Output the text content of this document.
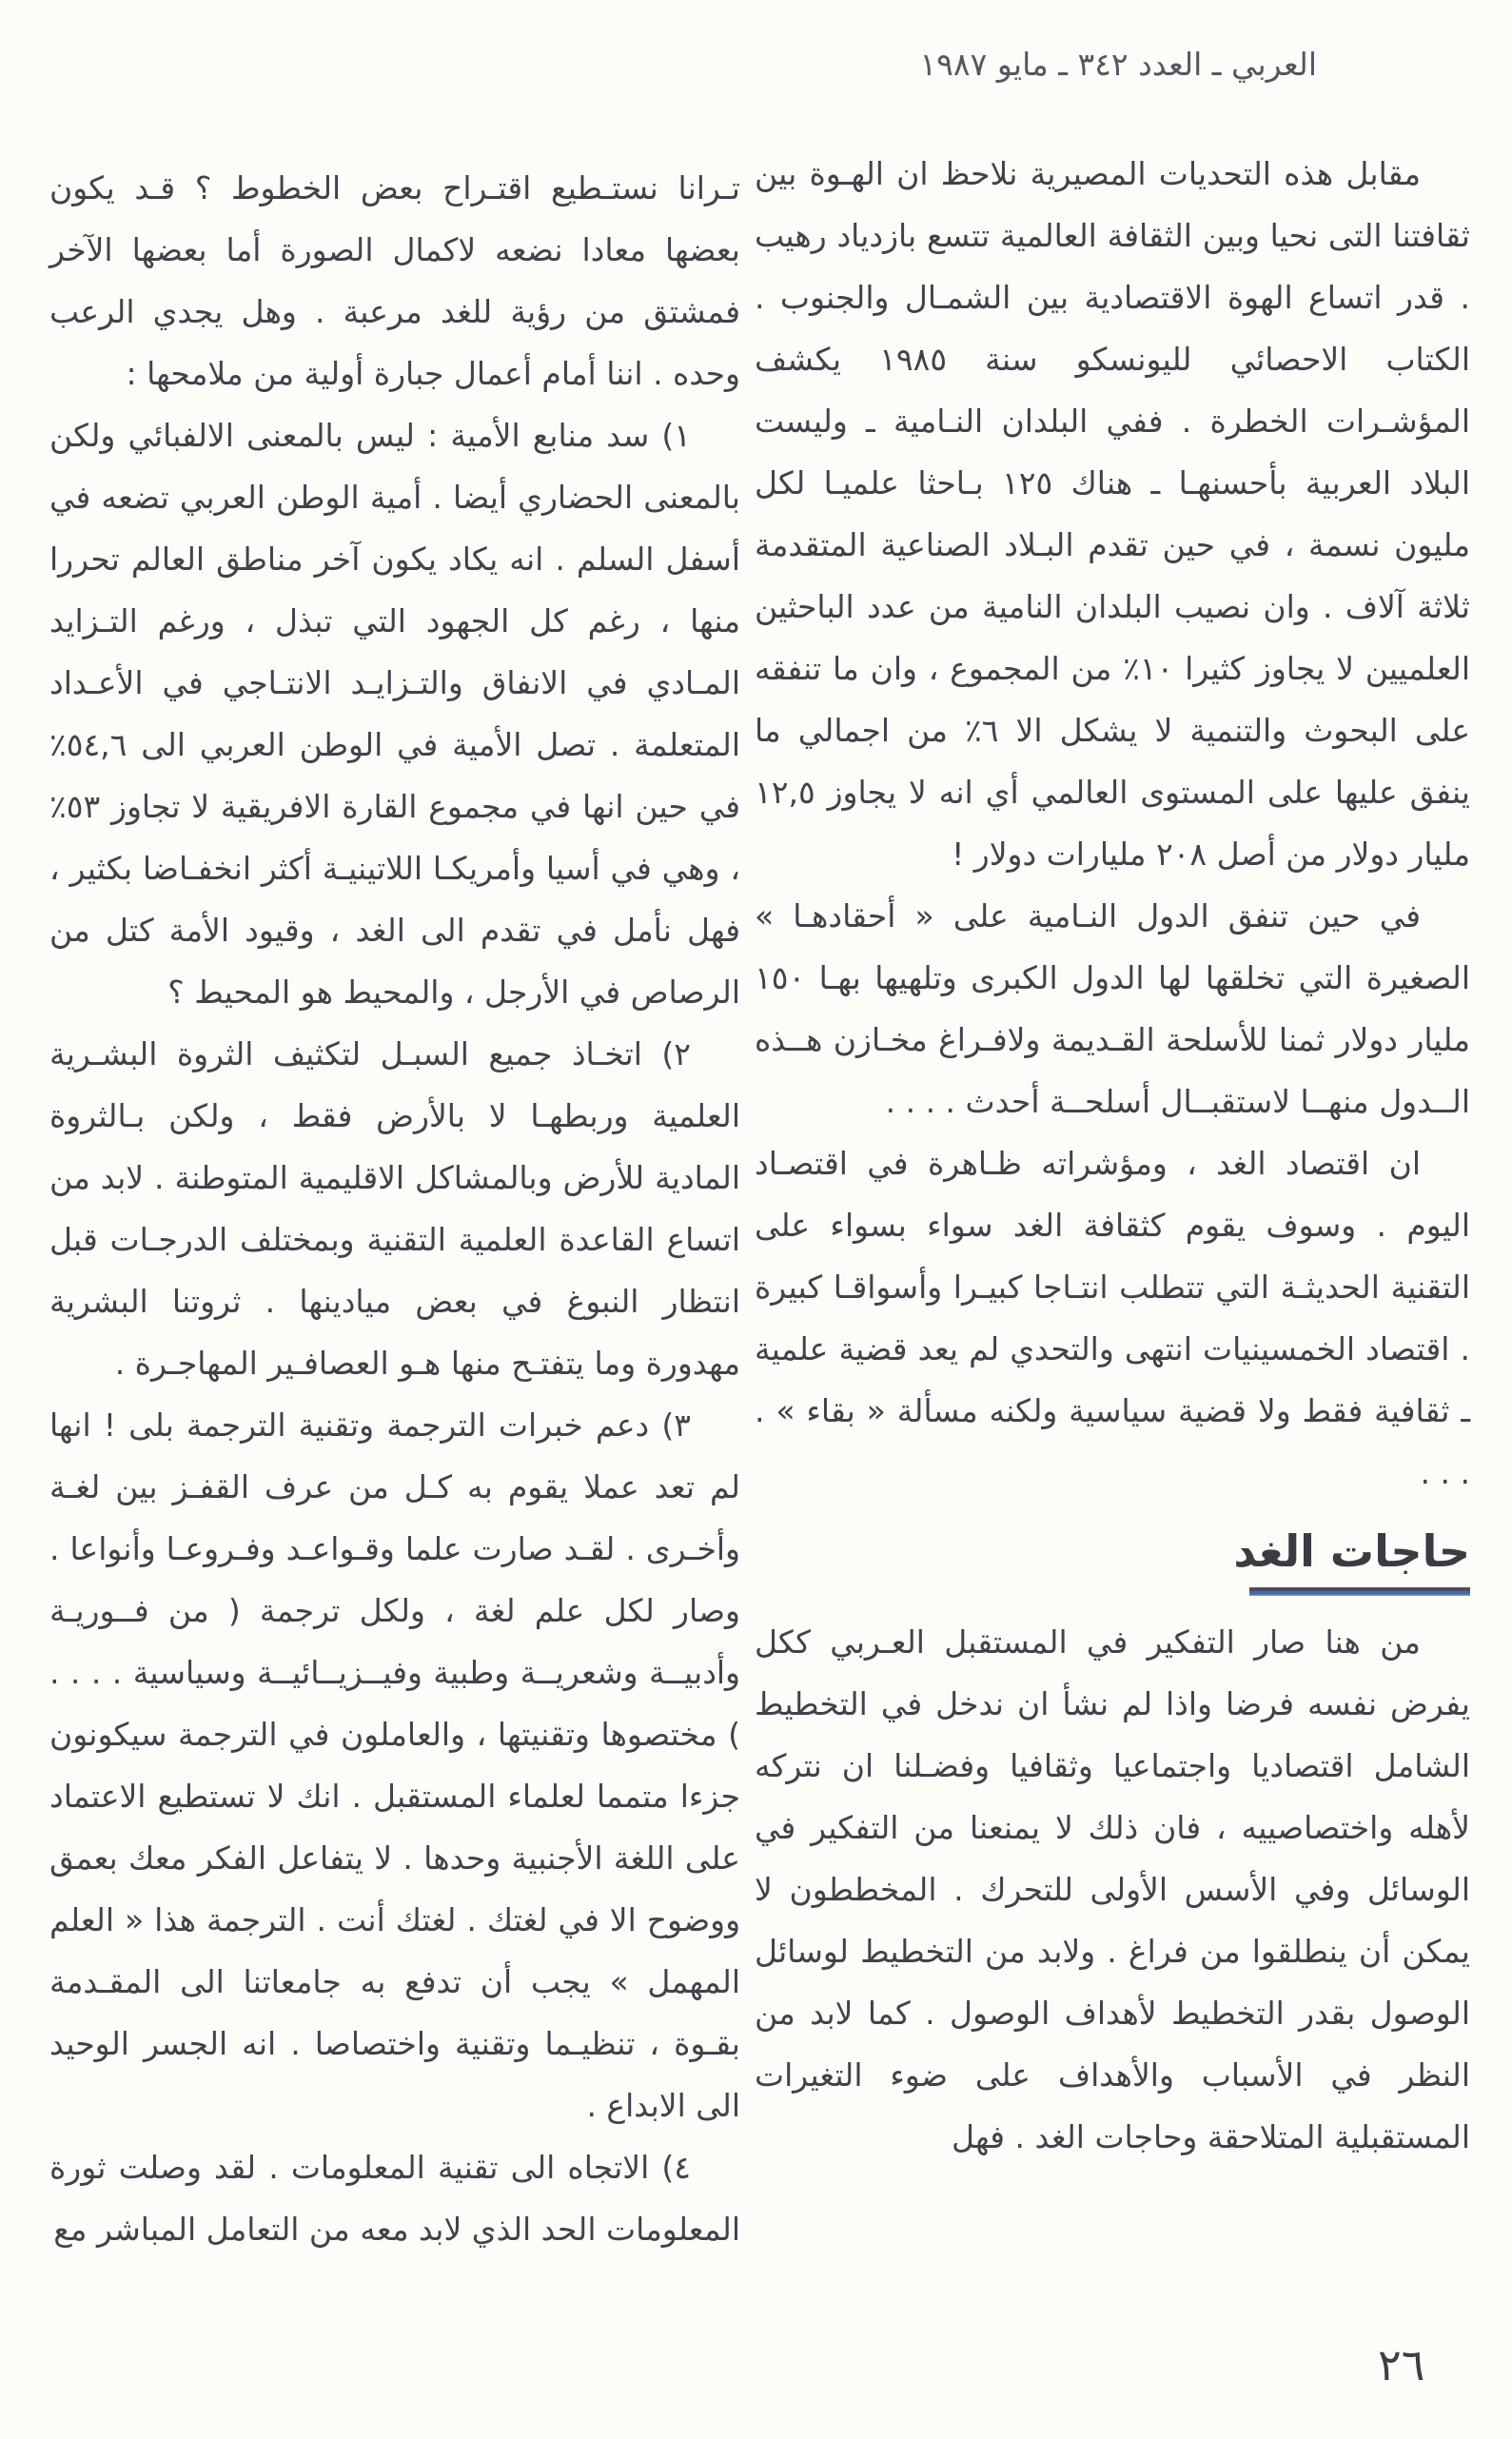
العربي ـ العدد ٣٤٢ ـ مايو ١٩٨٧

مقابل هذه التحديات المصيرية نلاحظ ان الهـوة بين ثقافتنا التى نحيا وبين الثقافة العالمية تتسع بازدياد رهيب . قدر اتساع الهوة الاقتصادية بين الشمـال والجنوب . الكتاب الاحصائي لليونسكو سنة ١٩٨٥ يكشف المؤشـرات الخطرة . ففي البلدان النـامية ـ وليست البلاد العربية بأحسنهـا ـ هناك ١٢٥ بـاحثا علميـا لكل مليون نسمة ، في حين تقدم البـلاد الصناعية المتقدمة ثلاثة آلاف . وان نصيب البلدان النامية من عدد الباحثين العلميين لا يجاوز كثيرا ١٠٪ من المجموع ، وان ما تنفقه على البحوث والتنمية لا يشكل الا ٦٪ من اجمالي ما ينفق عليها على المستوى العالمي أي انه لا يجاوز ١٢,٥ مليار دولار من أصل ٢٠٨ مليارات دولار !

في حين تنفق الدول النـامية على « أحقادهـا » الصغيرة التي تخلقها لها الدول الكبرى وتلهيها بهـا ١٥٠ مليار دولار ثمنا للأسلحة القـديمة ولافـراغ مخـازن هــذه الــدول منهــا لاستقبــال أسلحــة أحدث . . . .

ان اقتصاد الغد ، ومؤشراته ظـاهرة في اقتصـاد اليوم . وسوف يقوم كثقافة الغد سواء بسواء على التقنية الحديثـة التي تتطلب انتـاجا كبيـرا وأسواقـا كبيرة . اقتصاد الخمسينيات انتهى والتحدي لم يعد قضية علمية ـ ثقافية فقط ولا قضية سياسية ولكنه مسألة « بقاء » . . . .

حاجات الغد

من هنا صار التفكير في المستقبل العـربي ككل يفرض نفسه فرضا واذا لم نشأ ان ندخل في التخطيط الشامل اقتصاديا واجتماعيا وثقافيا وفضـلنا ان نتركه لأهله واختصاصييه ، فان ذلك لا يمنعنا من التفكير في الوسائل وفي الأسس الأولى للتحرك . المخططون لا يمكن أن ينطلقوا من فراغ . ولابد من التخطيط لوسائل الوصول بقدر التخطيط لأهداف الوصول . كما لابد من النظر في الأسباب والأهداف على ضوء التغيرات المستقبلية المتلاحقة وحاجات الغد . فهل

تـرانا نستـطيع اقتـراح بعض الخطوط ؟ قـد يكون بعضها معادا نضعه لاكمال الصورة أما بعضها الآخر فمشتق من رؤية للغد مرعبة . وهل يجدي الرعب وحده . اننا أمام أعمال جبارة أولية من ملامحها :

١) سد منابع الأمية : ليس بالمعنى الالفبائي ولكن بالمعنى الحضاري أيضا . أمية الوطن العربي تضعه في أسفل السلم . انه يكاد يكون آخر مناطق العالم تحررا منها ، رغم كل الجهود التي تبذل ، ورغم التـزايد المـادي في الانفاق والتـزايـد الانتـاجي في الأعـداد المتعلمة . تصل الأمية في الوطن العربي الى ٥٤,٦٪ في حين انها في مجموع القارة الافريقية لا تجاوز ٥٣٪ ، وهي في أسيا وأمريكـا اللاتينيـة أكثر انخفـاضا بكثير ، فهل نأمل في تقدم الى الغد ، وقيود الأمة كتل من الرصاص في الأرجل ، والمحيط هو المحيط ؟

٢) اتخـاذ جميع السبـل لتكثيف الثروة البشـرية العلمية وربطهـا لا بالأرض فقط ، ولكن بـالثروة المادية للأرض وبالمشاكل الاقليمية المتوطنة . لابد من اتساع القاعدة العلمية التقنية وبمختلف الدرجـات قبل انتظار النبوغ في بعض ميادينها . ثروتنا البشرية مهدورة وما يتفتـح منها هـو العصافـير المهاجـرة .

٣) دعم خبرات الترجمة وتقنية الترجمة بلى ! انها لم تعد عملا يقوم به كـل من عرف القفـز بين لغـة وأخـرى . لقـد صارت علما وقـواعـد وفـروعـا وأنواعا . وصار لكل علم لغة ، ولكل ترجمة ( من فــوريـة وأدبيــة وشعريــة وطبية وفيــزيــائيــة وسياسية . . . . ) مختصوها وتقنيتها ، والعاملون في الترجمة سيكونون جزءا متمما لعلماء المستقبل . انك لا تستطيع الاعتماد على اللغة الأجنبية وحدها . لا يتفاعل الفكر معك بعمق ووضوح الا في لغتك . لغتك أنت . الترجمة هذا « العلم المهمل » يجب أن تدفع به جامعاتنا الى المقـدمة بقـوة ، تنظيـما وتقنية واختصاصا . انه الجسر الوحيد الى الابداع .

٤) الاتجاه الى تقنية المعلومات . لقد وصلت ثورة المعلومات الحد الذي لابد معه من التعامل المباشر مع

٢٦
